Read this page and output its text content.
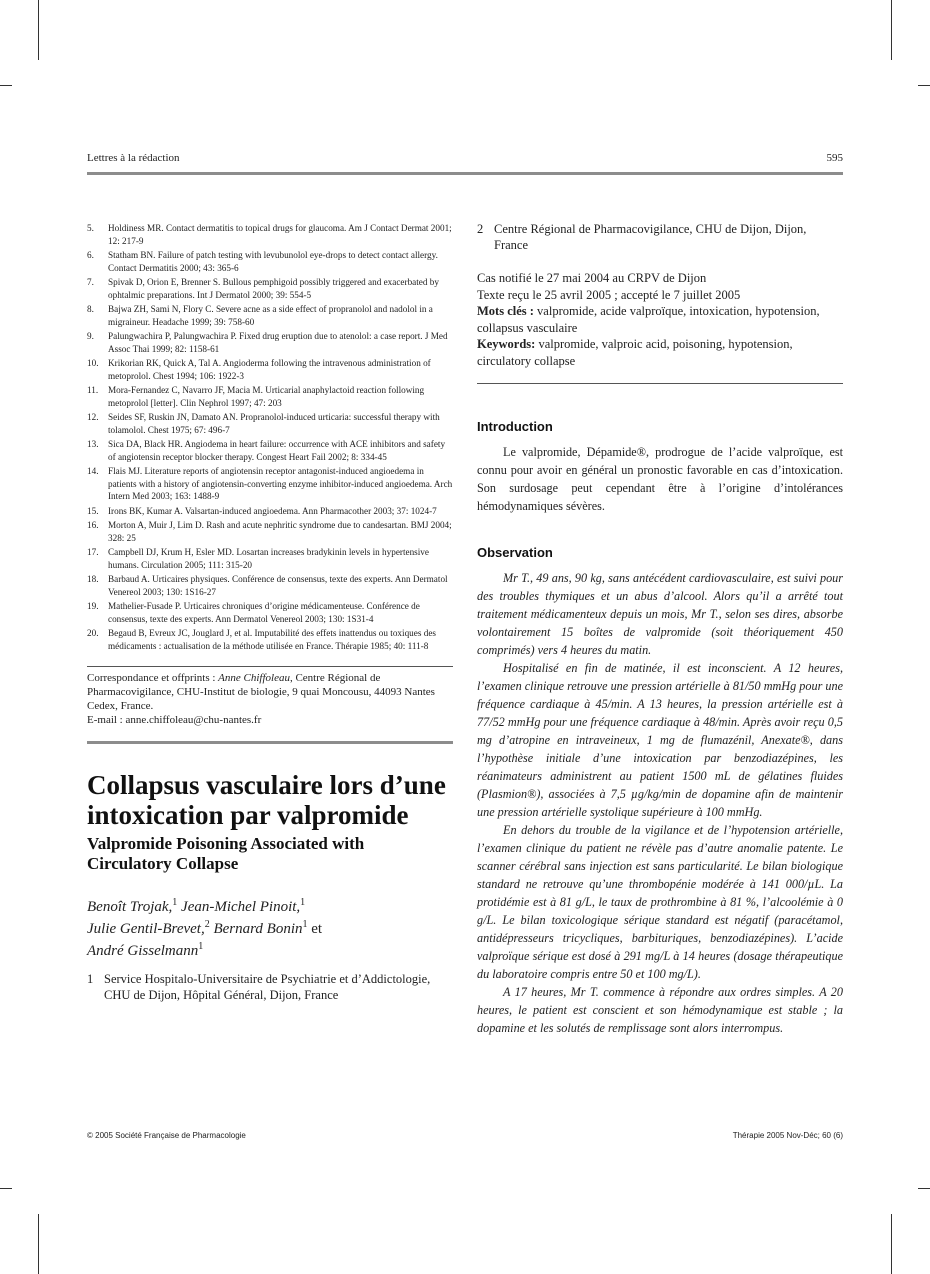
Lettres à la rédaction	595
5. Holdiness MR. Contact dermatitis to topical drugs for glaucoma. Am J Contact Dermat 2001; 12: 217-9
6. Statham BN. Failure of patch testing with levubunolol eye-drops to detect contact allergy. Contact Dermatitis 2000; 43: 365-6
7. Spivak D, Orion E, Brenner S. Bullous pemphigoid possibly triggered and exacerbated by ophtalmic preparations. Int J Dermatol 2000; 39: 554-5
8. Bajwa ZH, Sami N, Flory C. Severe acne as a side effect of propranolol and nadolol in a migraineur. Headache 1999; 39: 758-60
9. Palungwachira P, Palungwachira P. Fixed drug eruption due to atenolol: a case report. J Med Assoc Thai 1999; 82: 1158-61
10. Krikorian RK, Quick A, Tal A. Angioderma following the intravenous administration of metoprolol. Chest 1994; 106: 1922-3
11. Mora-Fernandez C, Navarro JF, Macia M. Urticarial anaphylactoid reaction following metoprolol [letter]. Clin Nephrol 1997; 47: 203
12. Seides SF, Ruskin JN, Damato AN. Propranolol-induced urticaria: successful therapy with tolamolol. Chest 1975; 67: 496-7
13. Sica DA, Black HR. Angiodema in heart failure: occurrence with ACE inhibitors and safety of angiotensin receptor blocker therapy. Congest Heart Fail 2002; 8: 334-45
14. Flais MJ. Literature reports of angiotensin receptor antagonist-induced angioedema in patients with a history of angiotensin-converting enzyme inhibitor-induced angioedema. Arch Intern Med 2003; 163: 1488-9
15. Irons BK, Kumar A. Valsartan-induced angioedema. Ann Pharmacother 2003; 37: 1024-7
16. Morton A, Muir J, Lim D. Rash and acute nephritic syndrome due to candesartan. BMJ 2004; 328: 25
17. Campbell DJ, Krum H, Esler MD. Losartan increases bradykinin levels in hypertensive humans. Circulation 2005; 111: 315-20
18. Barbaud A. Urticaires physiques. Conférence de consensus, texte des experts. Ann Dermatol Venereol 2003; 130: 1S16-27
19. Mathelier-Fusade P. Urticaires chroniques d’origine médicamenteuse. Conférence de consensus, texte des experts. Ann Dermatol Venereol 2003; 130: 1S31-4
20. Begaud B, Evreux JC, Jouglard J, et al. Imputabilité des effets inattendus ou toxiques des médicaments : actualisation de la méthode utilisée en France. Thérapie 1985; 40: 111-8
Correspondance et offprints : Anne Chiffoleau, Centre Régional de Pharmacovigilance, CHU-Institut de biologie, 9 quai Moncousu, 44093 Nantes Cedex, France.
E-mail : anne.chiffoleau@chu-nantes.fr
Collapsus vasculaire lors d’une intoxication par valpromide
Valpromide Poisoning Associated with Circulatory Collapse
Benoît Trojak,$^1$ Jean-Michel Pinoit,$^1$
Julie Gentil-Brevet,$^2$ Bernard Bonin$^1$ et
André Gisselmann$^1$
1 Service Hospitalo-Universitaire de Psychiatrie et d’Addictologie, CHU de Dijon, Hôpital Général, Dijon, France
2 Centre Régional de Pharmacovigilance, CHU de Dijon, Dijon, France
Cas notifié le 27 mai 2004 au CRPV de Dijon
Texte reçu le 25 avril 2005 ; accepté le 7 juillet 2005
Mots clés : valpromide, acide valproïque, intoxication, hypotension, collapsus vasculaire
Keywords: valpromide, valproic acid, poisoning, hypotension, circulatory collapse
Introduction

Le valpromide, Dépamide®, prodrogue de l’acide valproïque, est connu pour avoir en général un pronostic favorable en cas d’intoxication. Son surdosage peut cependant être à l’origine d’intolérances hémodynamiques sévères.

Observation

Mr T., 49 ans, 90 kg, sans antécédent cardiovasculaire, est suivi pour des troubles thymiques et un abus d’alcool. Alors qu’il a arrêté tout traitement médicamenteux depuis un mois, Mr T., selon ses dires, absorbe volontairement 15 boîtes de valpromide (soit théoriquement 450 comprimés) vers 4 heures du matin.

Hospitalisé en fin de matinée, il est inconscient. A 12 heures, l’examen clinique retrouve une pression artérielle à 81/50 mmHg pour une fréquence cardiaque à 45/min. A 13 heures, la pression artérielle est à 77/52 mmHg pour une fréquence cardiaque à 48/min. Après avoir reçu 0,5 mg d’atropine en intraveineux, 1 mg de flumazénil, Anexate®, dans l’hypothèse initiale d’une intoxication par benzodiazépines, les réanimateurs administrent au patient 1500 mL de gélatines fluides (Plasmion®), associées à 7,5 µg/kg/min de dopamine afin de maintenir une pression artérielle systolique supérieure à 100 mmHg.

En dehors du trouble de la vigilance et de l’hypotension artérielle, l’examen clinique du patient ne révèle pas d’autre anomalie patente. Le scanner cérébral sans injection est sans particularité. Le bilan biologique standard ne retrouve qu’une thrombopénie modérée à 141 000/µL. La protidémie est à 81 g/L, le taux de prothrombine à 81 %, l’alcoolémie à 0 g/L. Le bilan toxicologique sérique standard est négatif (paracétamol, antidépresseurs tricycliques, barbituriques, benzodiazépines). L’acide valproïque sérique est dosé à 291 mg/L à 14 heures (dosage thérapeutique du laboratoire compris entre 50 et 100 mg/L).

A 17 heures, Mr T. commence à répondre aux ordres simples. A 20 heures, le patient est conscient et son hémodynamique est stable ; la dopamine et les solutés de remplissage sont alors interrompus.

© 2005 Société Française de Pharmacologie	Thérapie 2005 Nov-Déc; 60 (6)
